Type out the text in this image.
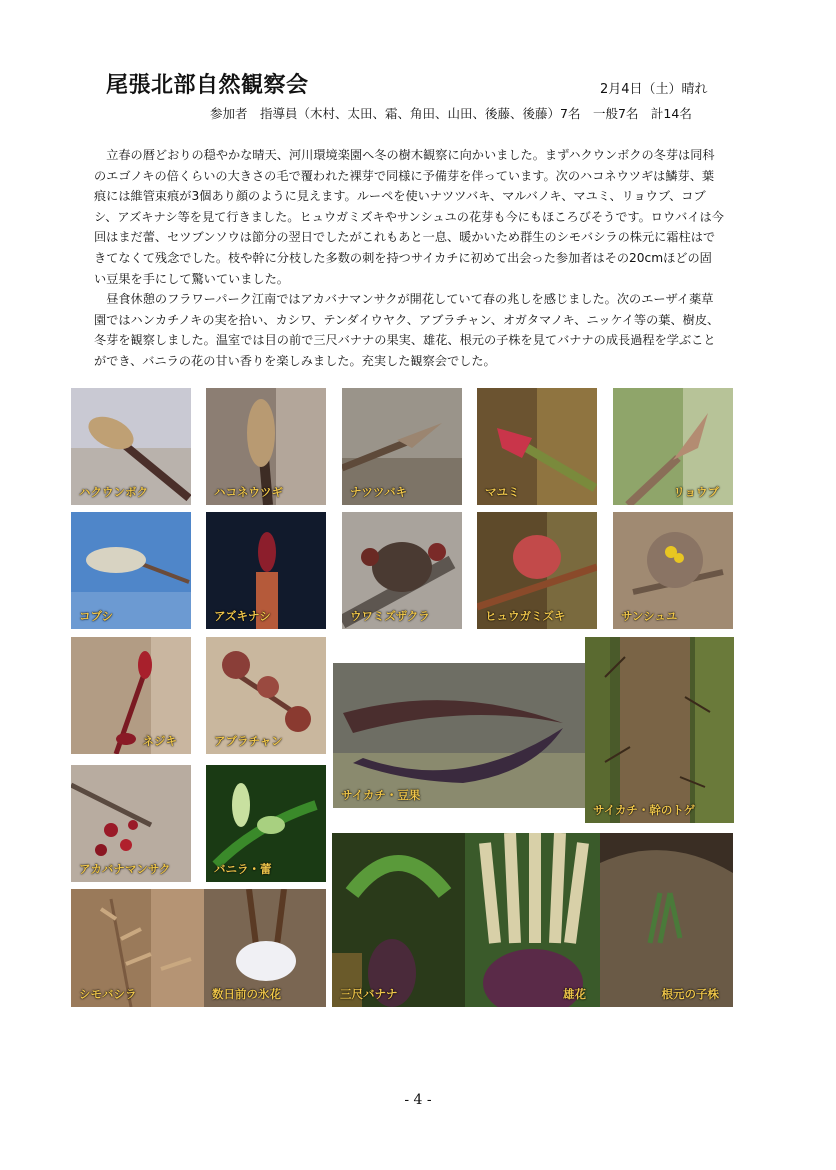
尾張北部自然観察会	2月4日（土）晴れ
参加者　指導員（木村、太田、霜、角田、山田、後藤、後藤）7名　一般7名　計14名

立春の暦どおりの穏やかな晴天、河川環境楽園へ冬の樹木観察に向かいました。まずハクウンボクの冬芽は同科のエゴノキの倍くらいの大きさの毛で覆われた裸芽で同様に予備芽を伴っています。次のハコネウツギは鱗芽、葉痕には維管束痕が3個あり顔のように見えます。ルーペを使いナツツバキ、マルバノキ、マユミ、リョウブ、コブシ、アズキナシ等を見て行きました。ヒュウガミズキやサンシュユの花芽も今にもほころびそうです。ロウバイは今回はまだ蕾、セツブンソウは節分の翌日でしたがこれもあと一息、暖かいため群生のシモバシラの株元に霜柱はできてなくて残念でした。枝や幹に分枝した多数の刺を持つサイカチに初めて出会った参加者はその20cmほどの固い豆果を手にして驚いていました。

昼食休憩のフラワーパーク江南ではアカバナマンサクが開花していて春の兆しを感じました。次のエーザイ薬草園ではハンカチノキの実を拾い、カシワ、テンダイウヤク、アブラチャン、オガタマノキ、ニッケイ等の葉、樹皮、冬芽を観察しました。温室では目の前で三尺バナナの果実、雄花、根元の子株を見てバナナの成長過程を学ぶことができ、バニラの花の甘い香りを楽しみました。充実した観察会でした。

ハクウンボク	ハコネウツギ	ナツツバキ	マユミ	リョウブ
コブシ	アズキナシ	ウワミズザクラ	ヒュウガミズキ	サンシュユ
ネジキ	アブラチャン
サイカチ・豆果
サイカチ・幹のトゲ
アカバナマンサク	バニラ・蕾
シモバシラ	数日前の氷花	三尺バナナ	雄花	根元の子株
- 4 -
